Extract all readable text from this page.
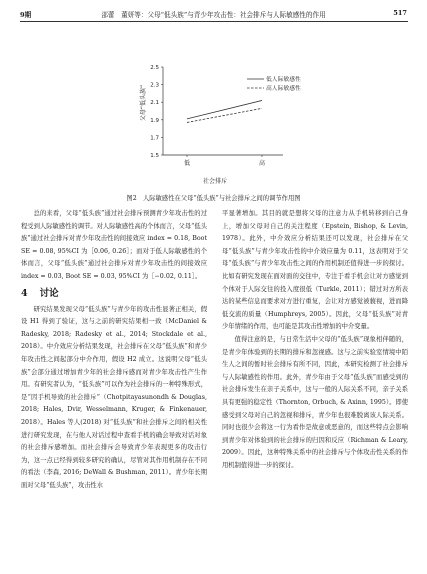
9期	邵蕾　董妍等：父母“低头族”与青少年攻击性：社会排斥与人际敏感性的作用	517
1.5
1.7
1.9
2.1
2.3
2.5
低	高
低人际敏感性
高人际敏感性
父母“低头族”
社会排斥
图2　人际敏感性在父母“低头族”与社会排斥之间的调节作用图

总的来看，父母“低头族”通过社会排斥预测青少年攻击性的过程受到人际敏感性的调节。对人际敏感性高的个体而言，父母“低头族”通过社会排斥对青少年攻击性的间接效应 index = 0.18, Boot SE = 0.08, 95%CI 为［0.06, 0.26］；而对于低人际敏感性的个体而言，父母“低头族”通过社会排斥对青少年攻击性的间接效应 index = 0.03, Boot SE = 0.03, 95%CI 为［−0.02, 0.11］。

4 讨论

研究结果发现父母“低头族”与青少年的攻击性显著正相关，假设 H1 得到了验证，这与之前的研究结果相一致（McDaniel & Radesky, 2018; Radesky et al., 2014; Stockdale et al., 2018）。中介效应分析结果发现，社会排斥在父母“低头族”和青少年攻击性之间起部分中介作用，假设 H2 成立。这说明父母“低头族”会部分通过增加青少年的社会排斥感而对青少年攻击性产生作用。有研究者认为，“低头族”可以作为社会排斥的一种特殊形式，是“因手机导致的社会排斥”（Chotpitayasunondh & Douglas, 2018; Hales, Dvir, Wesselmann, Kruger, & Finkenauer, 2018）。Hales 等人(2018) 对“低头族”和社会排斥之间的相关性进行研究发现，在与他人对话过程中查看手机的确会导致对话对象的社会排斥感增加。而社会排斥会导致青少年表现更多的攻击行为，这一点已经得到较多研究的确认，尽管对其作用机制存在不同的看法（李森, 2016; DeWall & Bushman, 2011）。青少年长期面对父母“低头族”，攻击性水

平显著增加。其目的就是想将父母的注意力从手机转移到自己身上，增加父母对自己的关注程度（Epstein, Bishop, & Levin, 1978）。此外，中介效应分析结果还可以发现，社会排斥在父母“低头族”与青少年攻击性的中介效应量为 0.11，这表明对于父母“低头族”与青少年攻击性之间的作用机制还值得进一步的探讨。比如有研究发现在面对面的交往中，专注于看手机会让对方感觉到个体对于人际交往的投入度很低（Turkle, 2011）；错过对方所表达的某些信息而要求对方进行重复，会让对方感觉被藐视，进而降低交流的质量（Humphreys, 2005）。因此，父母“低头族”对青少年情绪的作用，也可能是其攻击性增加的中介变量。

值得注意的是，与日常生活中父母的“低头族”现象相伴随的，是青少年体验到的长期的排斥和忽视感。这与之前实验室情境中陌生人之间的暂时社会排斥有所不同，因此，本研究检测了社会排斥与人际敏感性的作用。此外，青少年由于父母“低头族”而感受到的社会排斥发生在亲子关系中，这与一般的人际关系不同，亲子关系具有更强的稳定性（Thornton, Orbuch, & Axinn, 1995）。即使感受到父母对自己的忽视和排斥，青少年也很难脱离该人际关系。同时也很少会将这一行为看作是故意或恶意的，而这些特点会影响到青少年对体验到的社会排斥的归因和反应（Richman & Leary, 2009）。因此，这种特殊关系中的社会排斥与个体攻击性关系的作用机制值得进一步的探讨。
